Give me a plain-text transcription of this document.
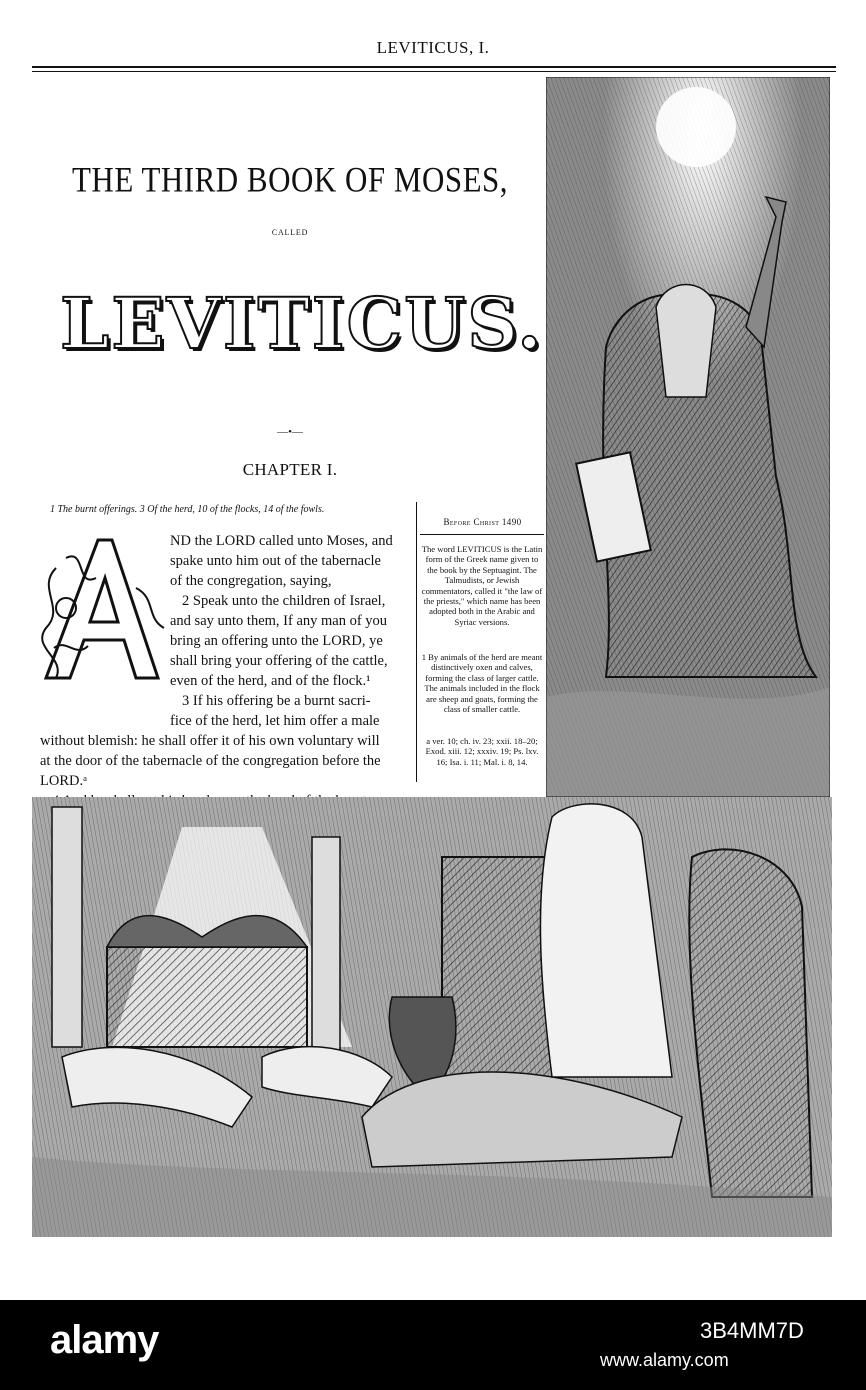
LEVITICUS, I.
THE THIRD BOOK OF MOSES,
CALLED
LEVITICUS.
—•—
CHAPTER I.
1 The burnt offerings. 3 Of the herd, 10 of the flocks, 14 of the fowls.
ND the LORD called unto Moses, and
spake unto him out of the tabernacle
of the congregation, saying,
2 Speak unto the children of Israel,
and say unto them, If any man of you
bring an offering unto the LORD, ye
shall bring your offering of the cattle,
even of the herd, and of the flock.¹
3 If his offering be a burnt sacri-
fice of the herd, let him offer a male
without blemish: he shall offer it of his own voluntary will
at the door of the tabernacle of the congregation before the
LORD.ᵃ
Before Christ 1490
The word LEVITICUS is the Latin form of the Greek name given to the book by the Septuagint. The Talmudists, or Jewish commentators, called it "the law of the priests," which name has been adopted both in the Arabic and Syriac versions.
1 By animals of the herd are meant distinctively oxen and calves, forming the class of larger cattle. The animals included in the flock are sheep and goats, forming the class of smaller cattle.
a ver. 10; ch. iv. 23; xxii. 18–20; Exod. xiii. 12; xxxiv. 19; Ps. lxv. 16; Isa. i. 11; Mal. i. 8, 14.
alamy	3B4MM7D
www.alamy.com
